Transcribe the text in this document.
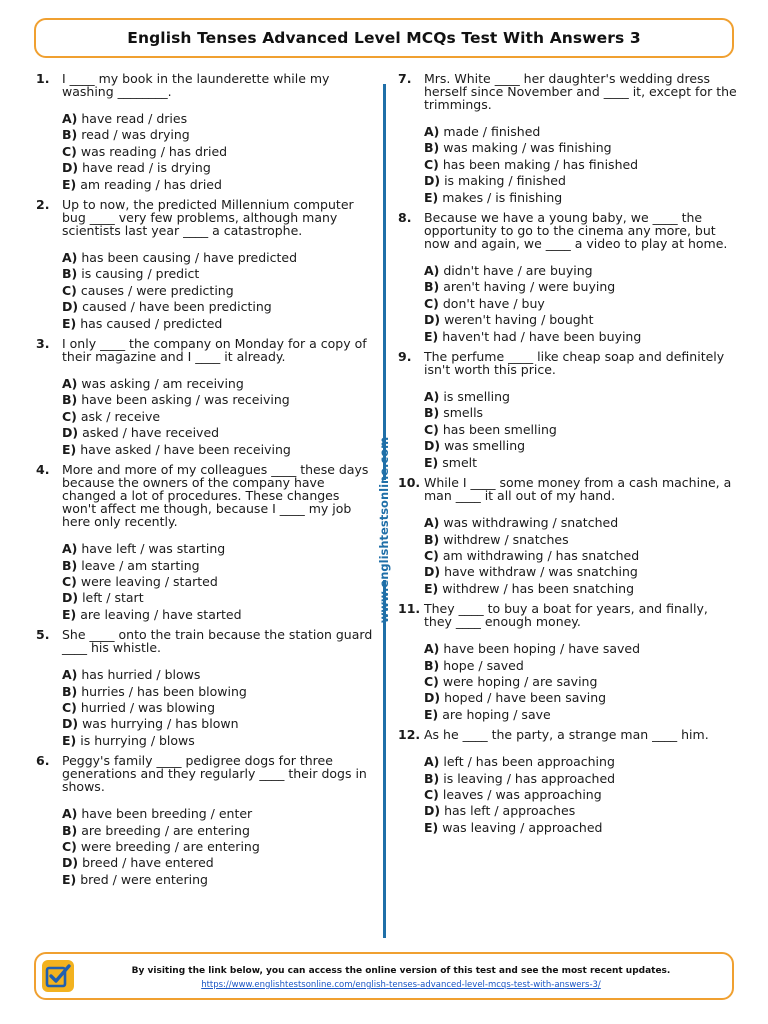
English Tenses Advanced Level MCQs Test With Answers 3
1.	I ____ my book in the launderette while my washing ________.
A) have read / dries
B) read / was drying
C) was reading / has dried
D) have read / is drying
E) am reading / has dried
2.	Up to now, the predicted Millennium computer bug ____ very few problems, although many scientists last year ____ a catastrophe.
A) has been causing / have predicted
B) is causing / predict
C) causes / were predicting
D) caused / have been predicting
E) has caused / predicted
3.	I only ____ the company on Monday for a copy of their magazine and I ____ it already.
A) was asking / am receiving
B) have been asking / was receiving
C) ask / receive
D) asked / have received
E) have asked / have been receiving
4.	More and more of my colleagues ____ these days because the owners of the company have changed a lot of procedures. These changes won't affect me though, because I ____ my job here only recently.
A) have left / was starting
B) leave / am starting
C) were leaving / started
D) left / start
E) are leaving / have started
5.	She ____ onto the train because the station guard ____ his whistle.
A) has hurried / blows
B) hurries / has been blowing
C) hurried / was blowing
D) was hurrying / has blown
E) is hurrying / blows
6.	Peggy's family ____ pedigree dogs for three generations and they regularly ____ their dogs in shows.
A) have been breeding / enter
B) are breeding / are entering
C) were breeding / are entering
D) breed / have entered
E) bred / were entering
www.englishtestsonline.com
7.	Mrs. White ____ her daughter's wedding dress herself since November and ____ it, except for the trimmings.
A) made / finished
B) was making / was finishing
C) has been making / has finished
D) is making / finished
E) makes / is finishing
8.	Because we have a young baby, we ____ the opportunity to go to the cinema any more, but now and again, we ____ a video to play at home.
A) didn't have / are buying
B) aren't having / were buying
C) don't have / buy
D) weren't having / bought
E) haven't had / have been buying
9.	The perfume ____ like cheap soap and definitely isn't worth this price.
A) is smelling
B) smells
C) has been smelling
D) was smelling
E) smelt
10. While I ____ some money from a cash machine, a man ____ it all out of my hand.
A) was withdrawing / snatched
B) withdrew / snatches
C) am withdrawing / has snatched
D) have withdraw / was snatching
E) withdrew / has been snatching
11. They ____ to buy a boat for years, and finally, they ____ enough money.
A) have been hoping / have saved
B) hope / saved
C) were hoping / are saving
D) hoped / have been saving
E) are hoping / save
12. As he ____ the party, a strange man ____ him.
A) left / has been approaching
B) is leaving / has approached
C) leaves / was approaching
D) has left / approaches
E) was leaving / approached
By visiting the link below, you can access the online version of this test and see the most recent updates.
https://www.englishtestsonline.com/english-tenses-advanced-level-mcqs-test-with-answers-3/
